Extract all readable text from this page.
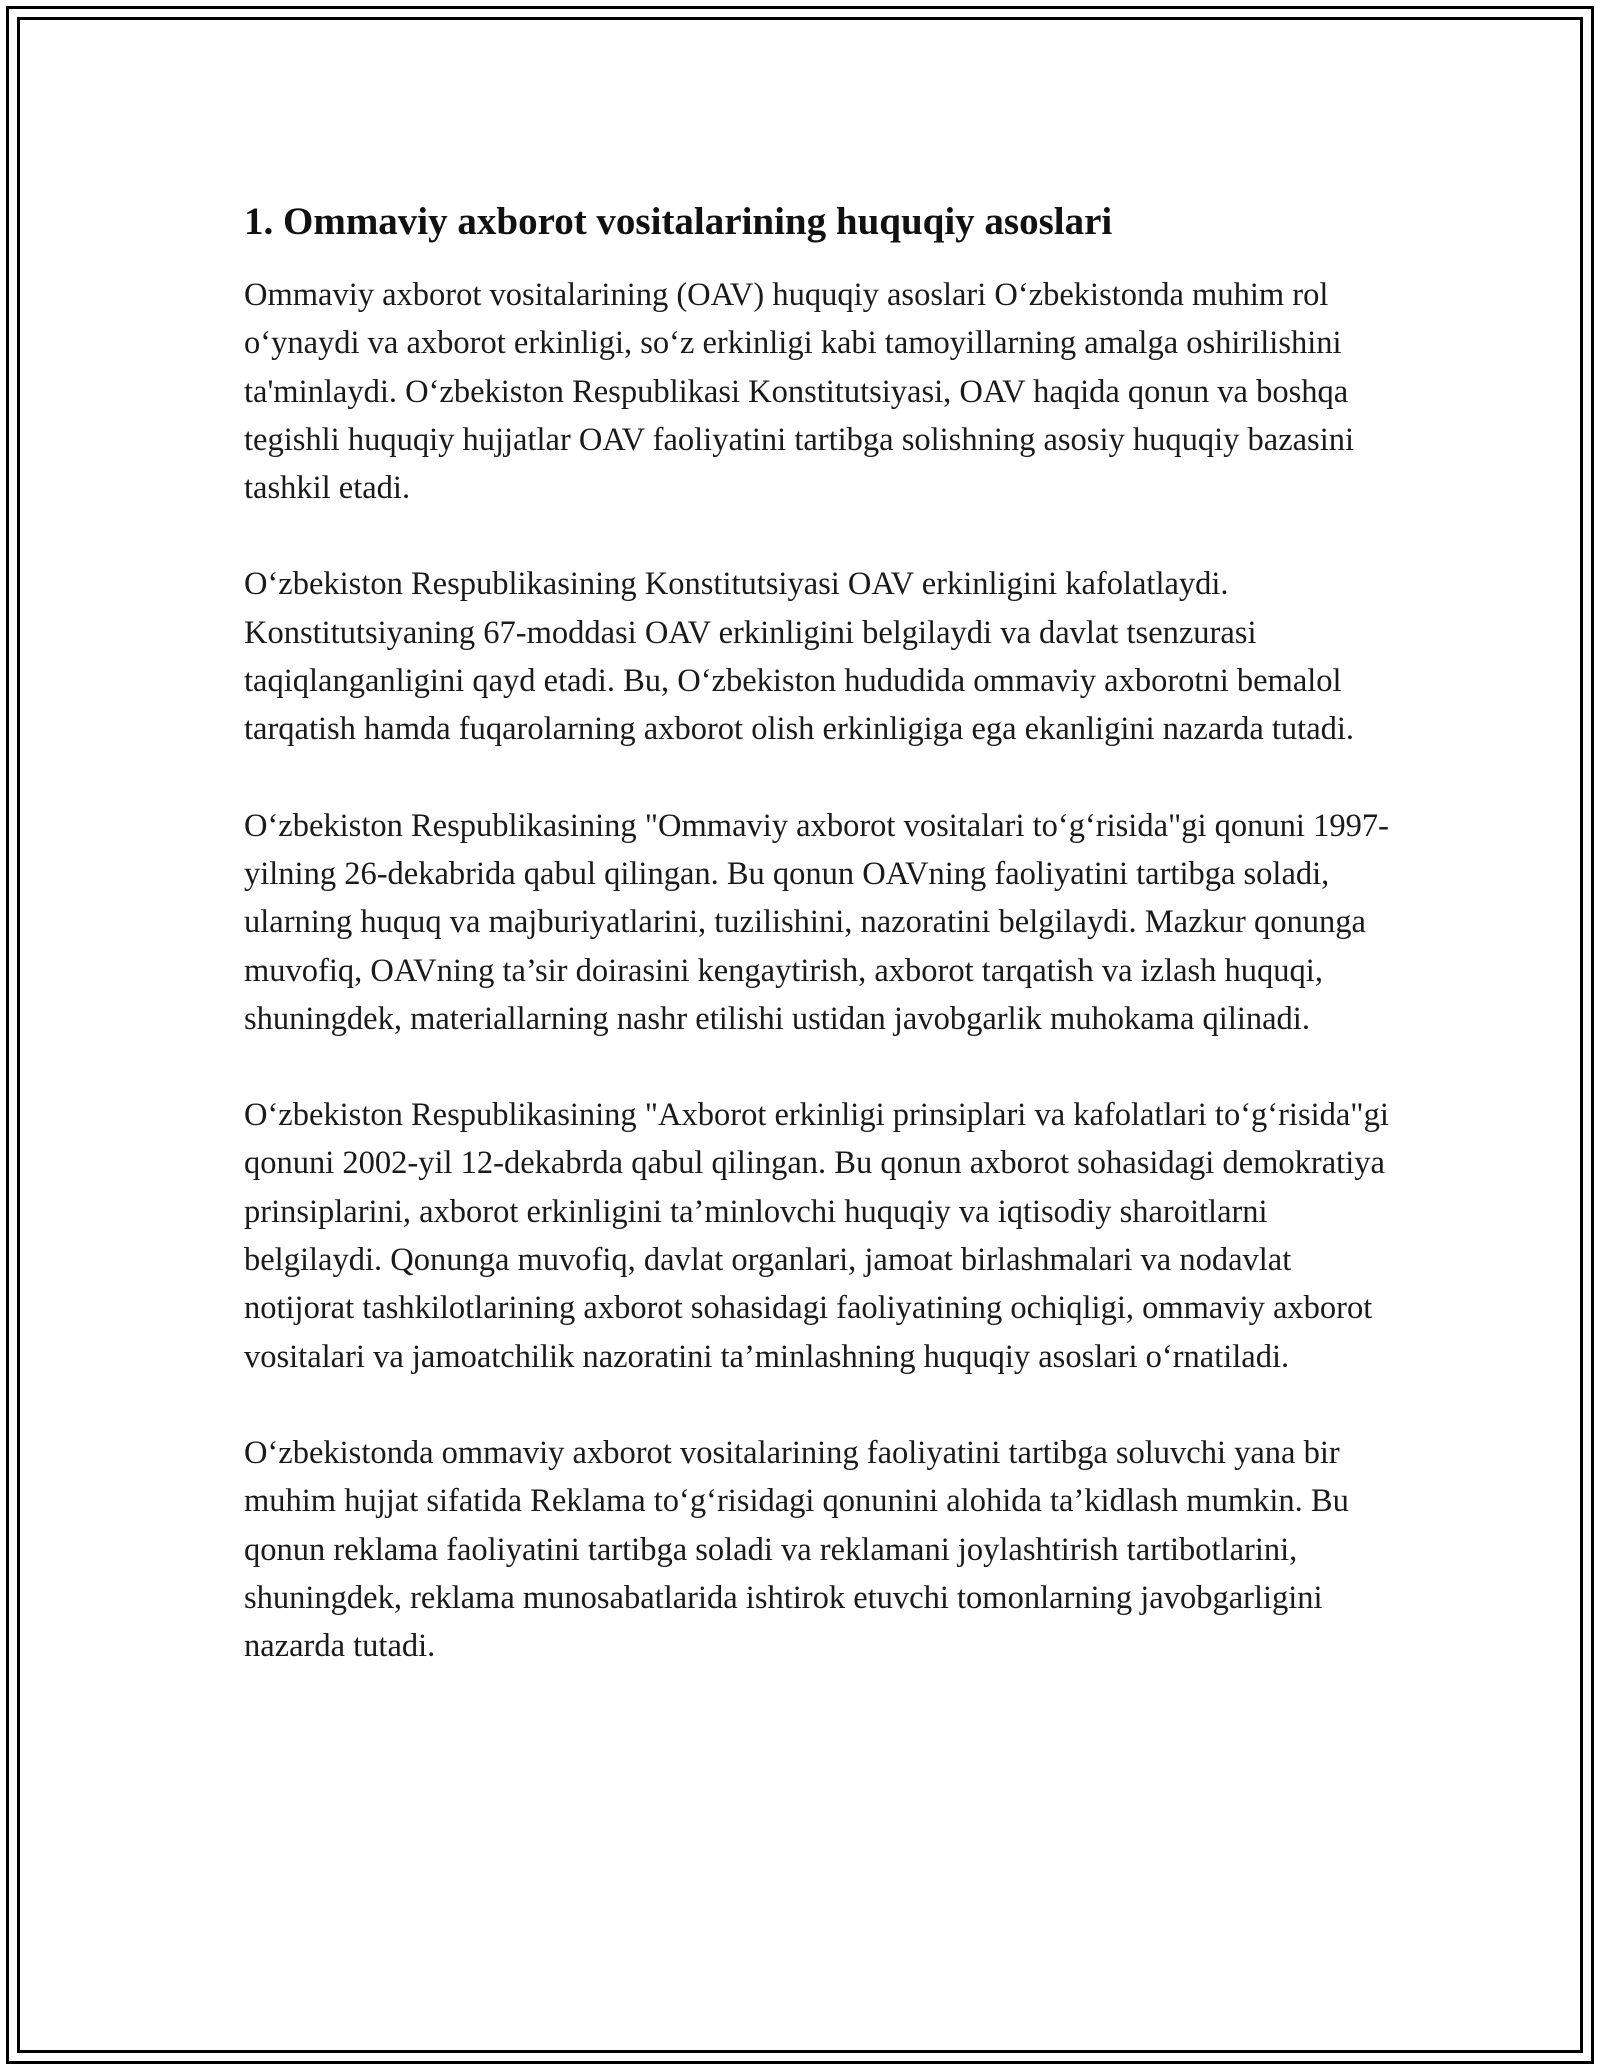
1. Ommaviy axborot vositalarining huquqiy asoslari

Ommaviy axborot vositalarining (OAV) huquqiy asoslari O‘zbekistonda muhim rol o‘ynaydi va axborot erkinligi, so‘z erkinligi kabi tamoyillarning amalga oshirilishini ta'minlaydi. O‘zbekiston Respublikasi Konstitutsiyasi, OAV haqida qonun va boshqa tegishli huquqiy hujjatlar OAV faoliyatini tartibga solishning asosiy huquqiy bazasini tashkil etadi.

O‘zbekiston Respublikasining Konstitutsiyasi OAV erkinligini kafolatlaydi. Konstitutsiyaning 67-moddasi OAV erkinligini belgilaydi va davlat tsenzurasi taqiqlanganligini qayd etadi. Bu, O‘zbekiston hududida ommaviy axborotni bemalol tarqatish hamda fuqarolarning axborot olish erkinligiga ega ekanligini nazarda tutadi.

O‘zbekiston Respublikasining "Ommaviy axborot vositalari to‘g‘risida"gi qonuni 1997-yilning 26-dekabrida qabul qilingan. Bu qonun OAVning faoliyatini tartibga soladi, ularning huquq va majburiyatlarini, tuzilishini, nazoratini belgilaydi. Mazkur qonunga muvofiq, OAVning ta’sir doirasini kengaytirish, axborot tarqatish va izlash huquqi, shuningdek, materiallarning nashr etilishi ustidan javobgarlik muhokama qilinadi.

O‘zbekiston Respublikasining "Axborot erkinligi prinsiplari va kafolatlari to‘g‘risida"gi qonuni 2002-yil 12-dekabrda qabul qilingan. Bu qonun axborot sohasidagi demokratiya prinsiplarini, axborot erkinligini ta’minlovchi huquqiy va iqtisodiy sharoitlarni belgilaydi. Qonunga muvofiq, davlat organlari, jamoat birlashmalari va nodavlat notijorat tashkilotlarining axborot sohasidagi faoliyatining ochiqligi, ommaviy axborot vositalari va jamoatchilik nazoratini ta’minlashning huquqiy asoslari o‘rnatiladi.

O‘zbekistonda ommaviy axborot vositalarining faoliyatini tartibga soluvchi yana bir muhim hujjat sifatida Reklama to‘g‘risidagi qonunini alohida ta’kidlash mumkin. Bu qonun reklama faoliyatini tartibga soladi va reklamani joylashtirish tartibotlarini, shuningdek, reklama munosabatlarida ishtirok etuvchi tomonlarning javobgarligini nazarda tutadi.
